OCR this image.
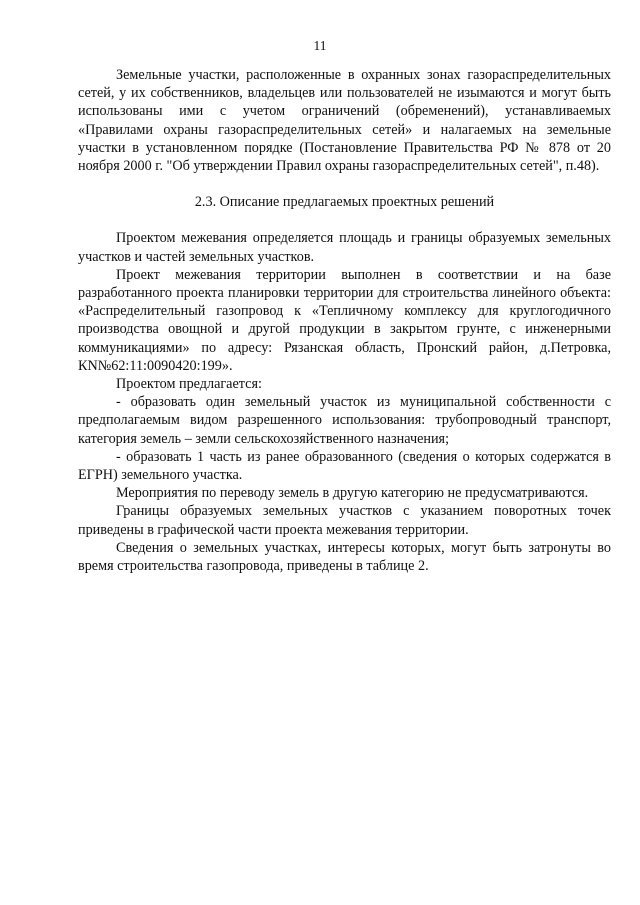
11

Земельные участки, расположенные в охранных зонах газораспределительных сетей, у их собственников, владельцев или пользователей не изымаются и могут быть использованы ими с учетом ограничений (обременений), устанавливаемых «Правилами охраны газораспределительных сетей» и налагаемых на земельные участки в установленном порядке (Постановление Правительства РФ № 878 от 20 ноября 2000 г. "Об утверждении Правил охраны газораспределительных сетей", п.48).

2.3. Описание предлагаемых проектных решений

Проектом межевания определяется площадь и границы образуемых земельных участков и частей земельных участков.

Проект межевания территории выполнен в соответствии и на базе разработанного проекта планировки территории для строительства линейного объекта: «Распределительный газопровод к «Тепличному комплексу для круглогодичного производства овощной и другой продукции в закрытом грунте, с инженерными коммуникациями» по адресу: Рязанская область, Пронский район, д.Петровка, КN№62:11:0090420:199».

Проектом предлагается:

- образовать один земельный участок из муниципальной собственности с предполагаемым видом разрешенного использования: трубопроводный транспорт, категория земель – земли сельскохозяйственного назначения;

- образовать 1 часть из ранее образованного (сведения о которых содержатся в ЕГРН) земельного участка.

Мероприятия по переводу земель в другую категорию не предусматриваются.

Границы образуемых земельных участков с указанием поворотных точек приведены в графической части проекта межевания территории.

Сведения о земельных участках, интересы которых, могут быть затронуты во время строительства газопровода, приведены в таблице 2.
